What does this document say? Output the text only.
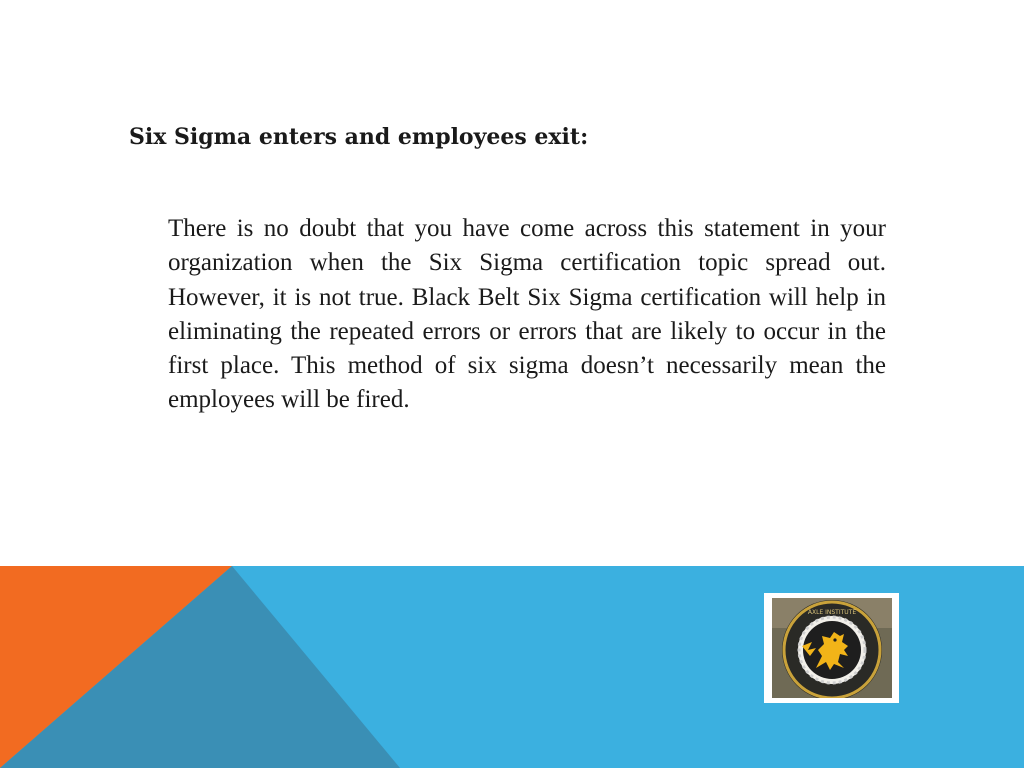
Six Sigma enters and employees exit:

There is no doubt that you have come across this statement in your organization when the Six Sigma certification topic spread out. However, it is not true. Black Belt Six Sigma certification will help in eliminating the repeated errors or errors that are likely to occur in the first place. This method of six sigma doesn’t necessarily mean the employees will be fired.

AXLE INSTITUTE
